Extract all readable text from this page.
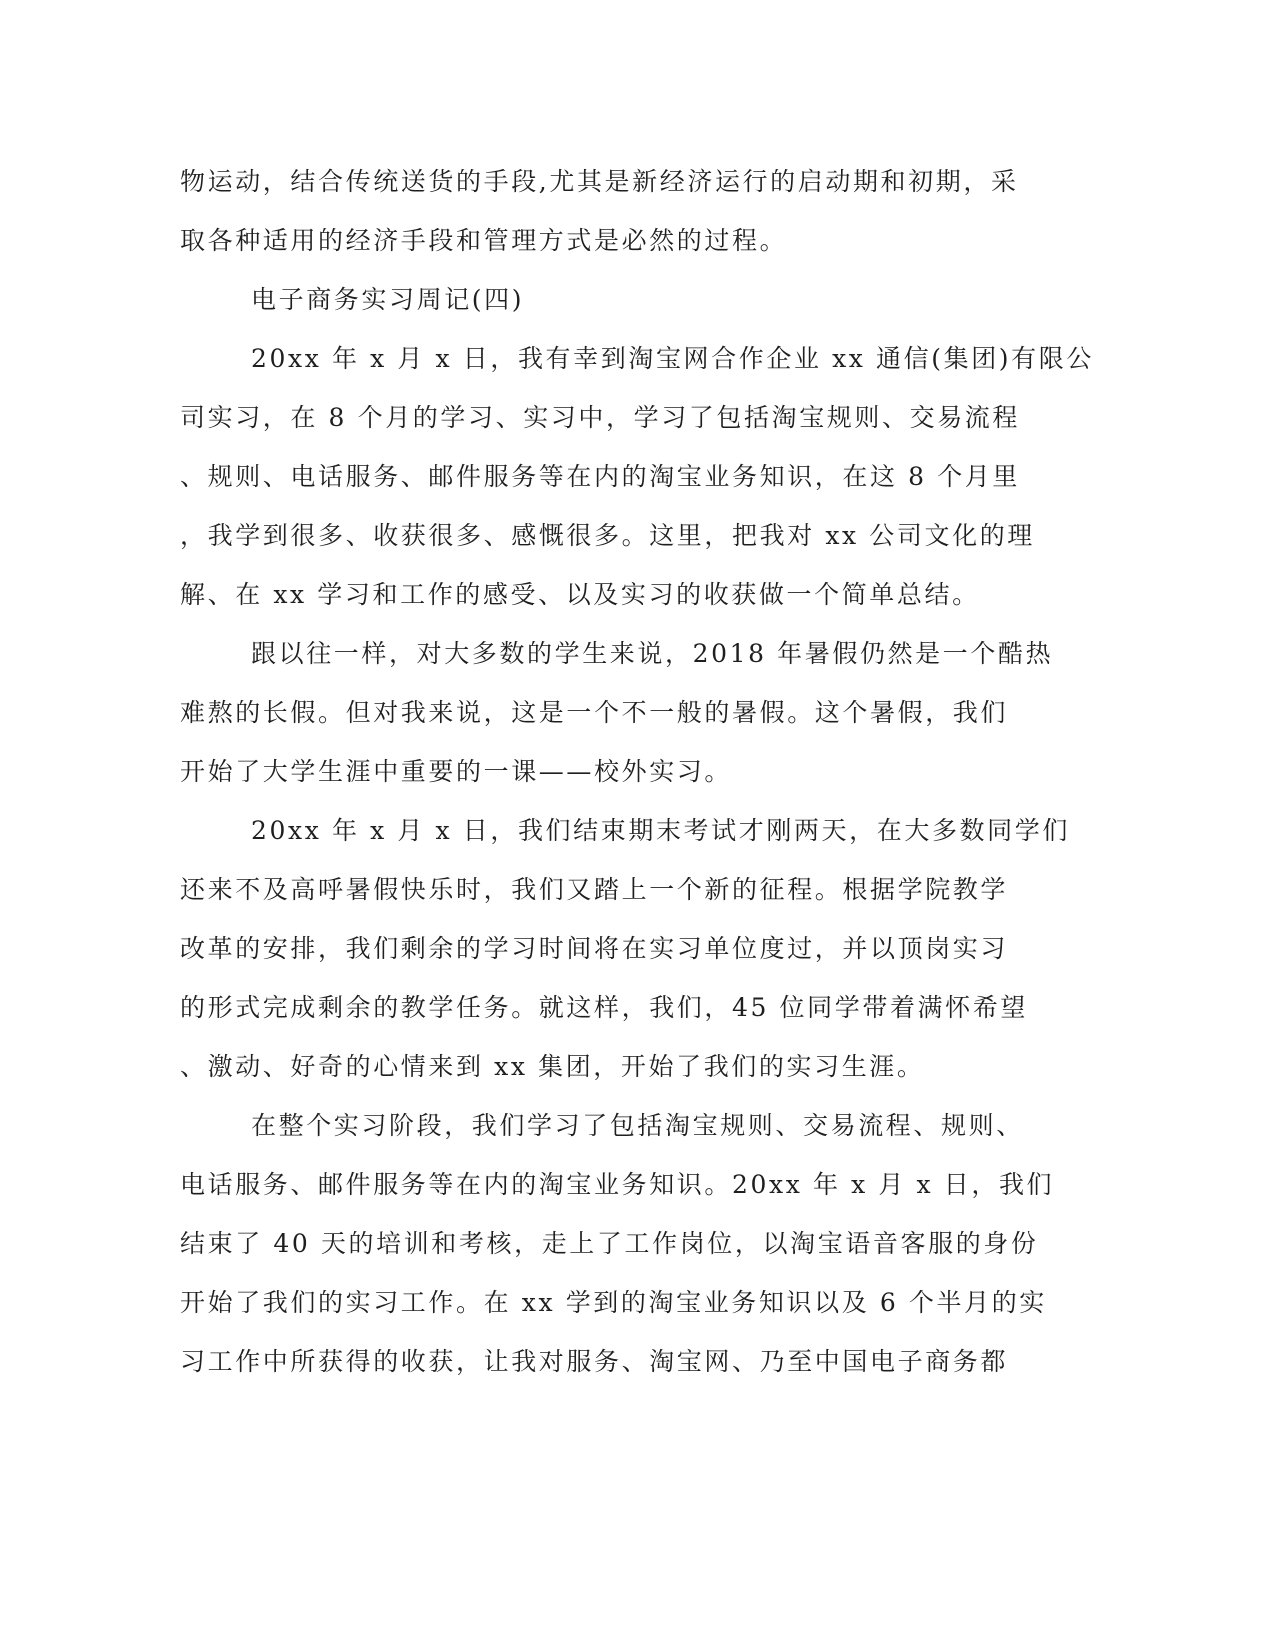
物运动，结合传统送货的手段,尤其是新经济运行的启动期和初期，采
取各种适用的经济手段和管理方式是必然的过程。
电子商务实习周记(四)
20xx 年 x 月 x 日，我有幸到淘宝网合作企业 xx 通信(集团)有限公
司实习，在 8 个月的学习、实习中，学习了包括淘宝规则、交易流程
、规则、电话服务、邮件服务等在内的淘宝业务知识，在这 8 个月里
，我学到很多、收获很多、感慨很多。这里，把我对 xx 公司文化的理
解、在 xx 学习和工作的感受、以及实习的收获做一个简单总结。
跟以往一样，对大多数的学生来说，2018 年暑假仍然是一个酷热
难熬的长假。但对我来说，这是一个不一般的暑假。这个暑假，我们
开始了大学生涯中重要的一课——校外实习。
20xx 年 x 月 x 日，我们结束期末考试才刚两天，在大多数同学们
还来不及高呼暑假快乐时，我们又踏上一个新的征程。根据学院教学
改革的安排，我们剩余的学习时间将在实习单位度过，并以顶岗实习
的形式完成剩余的教学任务。就这样，我们，45 位同学带着满怀希望
、激动、好奇的心情来到 xx 集团，开始了我们的实习生涯。
在整个实习阶段，我们学习了包括淘宝规则、交易流程、规则、
电话服务、邮件服务等在内的淘宝业务知识。20xx 年 x 月 x 日，我们
结束了 40 天的培训和考核，走上了工作岗位，以淘宝语音客服的身份
开始了我们的实习工作。在 xx 学到的淘宝业务知识以及 6 个半月的实
习工作中所获得的收获，让我对服务、淘宝网、乃至中国电子商务都
